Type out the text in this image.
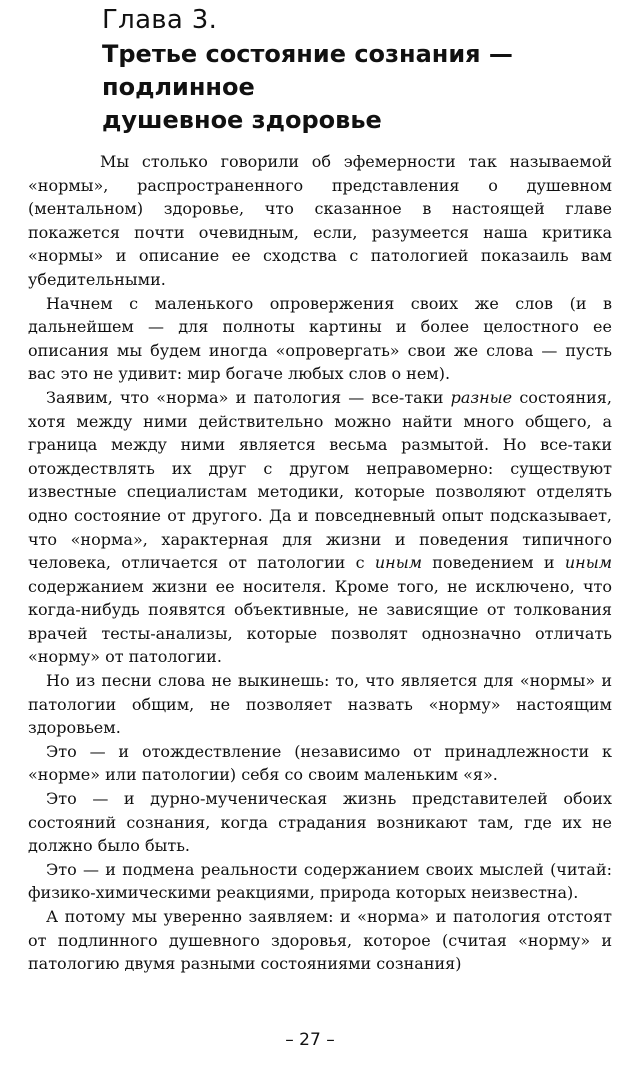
Глава 3.
Третье состояние сознания — подлинное
душевное здоровье

Мы столько говорили об эфемерности так называемой «нормы», распространенного представления о душевном (ментальном) здоровье, что сказанное в настоящей главе покажется почти очевидным, если, разумеется наша критика «нормы» и описание ее сходства с патологией показаиль вам убедительными.

Начнем с маленького опровержения своих же слов (и в дальнейшем — для полноты картины и более целостного ее описания мы будем иногда «опровергать» свои же слова — пусть вас это не удивит: мир богаче любых слов о нем).

Заявим, что «норма» и патология — все-таки разные состояния, хотя между ними действительно можно найти много общего, а граница между ними является весьма размытой. Но все-таки отождествлять их друг с другом неправомерно: существуют известные специалистам методики, которые позволяют отделять одно состояние от другого. Да и повседневный опыт подсказывает, что «норма», характерная для жизни и поведения типичного человека, отличается от патологии с иным поведением и иным содержанием жизни ее носителя. Кроме того, не исключено, что когда-нибудь появятся объективные, не зависящие от толкования врачей тесты-анализы, которые позволят однозначно отличать «норму» от патологии.

Но из песни слова не выкинешь: то, что является для «нормы» и патологии общим, не позволяет назвать «норму» настоящим здоровьем.

Это — и отождествление (независимо от принадлежности к «норме» или патологии) себя со своим маленьким «я».

Это — и дурно-мученическая жизнь представителей обоих состояний сознания, когда страдания возникают там, где их не должно было быть.

Это — и подмена реальности содержанием своих мыслей (читай: физико-химическими реакциями, природа которых неизвестна).

А потому мы уверенно заявляем: и «норма» и патология отстоят от подлинного душевного здоровья, которое (считая «норму» и патологию двумя разными состояниями сознания)

– 27 –
